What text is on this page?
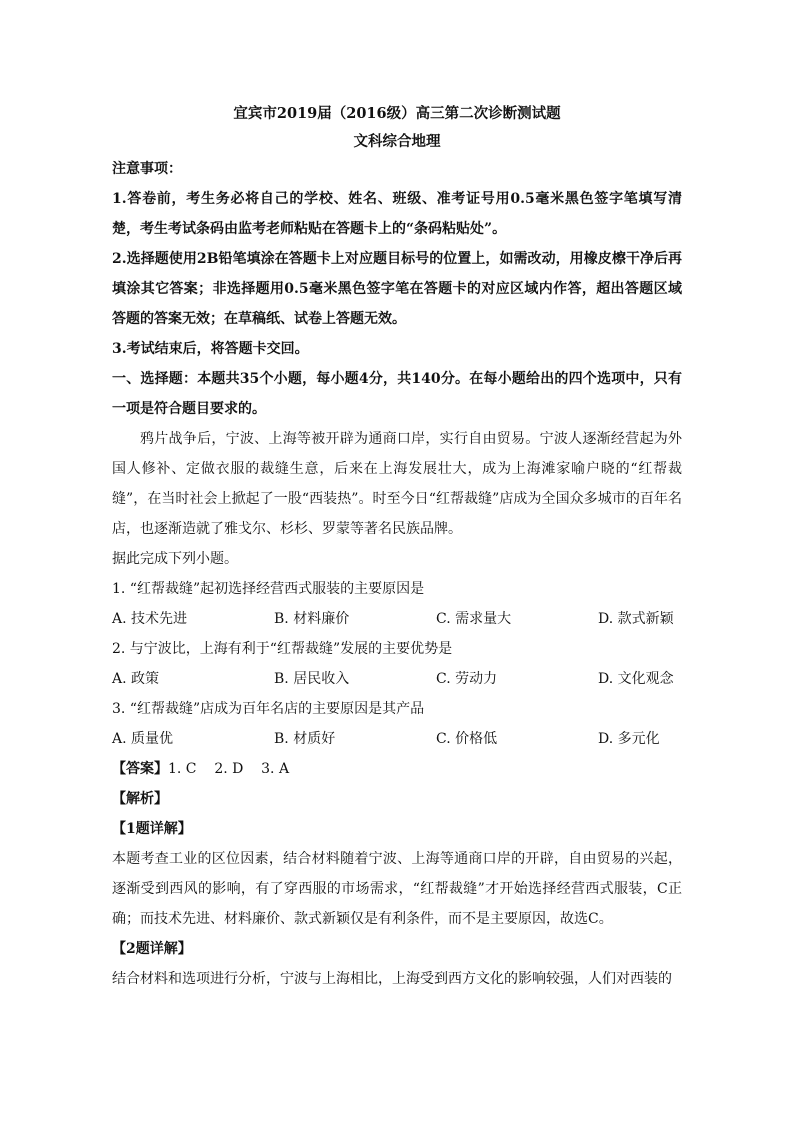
宜宾市2019届（2016级）高三第二次诊断测试题
文科综合地理
注意事项：
1.答卷前，考生务必将自己的学校、姓名、班级、准考证号用0.5毫米黑色签字笔填写清楚，考生考试条码由监考老师粘贴在答题卡上的“条码粘贴处”。
2.选择题使用2B铅笔填涂在答题卡上对应题目标号的位置上，如需改动，用橡皮檫干净后再填涂其它答案；非选择题用0.5毫米黑色签字笔在答题卡的对应区域内作答，超出答题区域答题的答案无效；在草稿纸、试卷上答题无效。
3.考试结束后，将答题卡交回。
一、选择题：本题共35个小题，每小题4分，共140分。在每小题给出的四个选项中，只有一项是符合题目要求的。
鸦片战争后，宁波、上海等被开辟为通商口岸，实行自由贸易。宁波人逐渐经营起为外国人修补、定做衣服的裁缝生意，后来在上海发展壮大，成为上海滩家喻户晓的“红帮裁缝”，在当时社会上掀起了一股“西装热”。时至今日“红帮裁缝”店成为全国众多城市的百年名店，也逐渐造就了雅戈尔、杉杉、罗蒙等著名民族品牌。
据此完成下列小题。
1. “红帮裁缝”起初选择经营西式服装的主要原因是
A. 技术先进	B. 材料廉价	C. 需求量大	D. 款式新颖
2. 与宁波比，上海有利于“红帮裁缝”发展的主要优势是
A. 政策	B. 居民收入	C. 劳动力	D. 文化观念
3. “红帮裁缝”店成为百年名店的主要原因是其产品
A. 质量优	B. 材质好	C. 价格低	D. 多元化
【答案】1. C    2. D    3. A
【解析】
【1题详解】
本题考查工业的区位因素，结合材料随着宁波、上海等通商口岸的开辟，自由贸易的兴起，逐渐受到西风的影响，有了穿西服的市场需求，“红帮裁缝”才开始选择经营西式服装，C正确；而技术先进、材料廉价、款式新颖仅是有利条件，而不是主要原因，故选C。
【2题详解】
结合材料和选项进行分析，宁波与上海相比，上海受到西方文化的影响较强，人们对西装的
